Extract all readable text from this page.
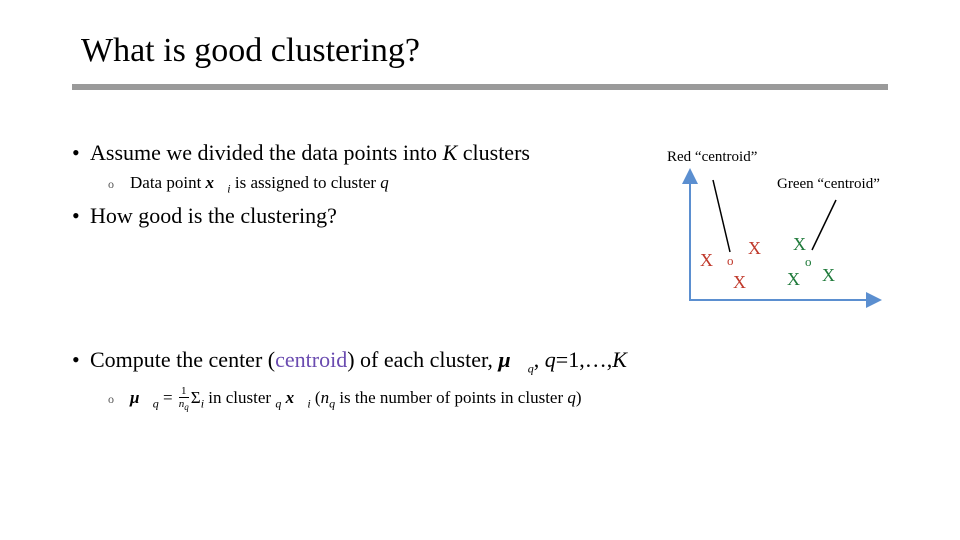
What is good clustering?
• Assume we divided the data points into K clusters
o Data point $x⃗_i$ is assigned to cluster q
• How good is the clustering?
• Compute the center (centroid) of each cluster, $\mu⃗_q$, q=1,…,K
o $\mu⃗_q = 1$
$n_q\Sigma_i$ in cluster $_q$ $x⃗_i$ ($n_q$ is the number of points in cluster q)
Red “centroid”
Green “centroid”
X o
X
X
X
o
X X
